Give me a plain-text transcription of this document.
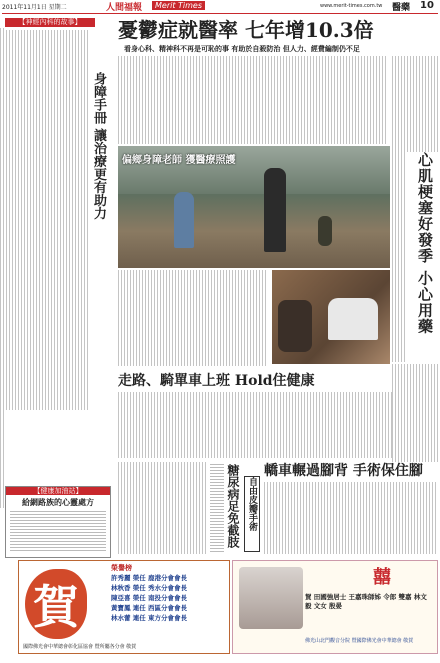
2011年11月1日 星期二	人間福報	Merit Times	www.merit-times.com.tw 醫藥 10
【神經內科的故事】
身障手冊 讓治療更有助力
【健康加油站】
給網路族的心靈處方
憂鬱症就醫率 七年增10.3倍
看身心科、精神科不再是可恥的事 有助於自殺防治 但人力、經費編制仍不足
偏鄉身障老師 獲醫療照護	心肌梗塞好發季 小心用藥
走路、騎單車上班 Hold住健康
轎車輾過腳背 手術保住腳
糖尿病足免截肢 自由皮瓣手術
賀
榮譽榜
許秀麗 榮任 鹿港分會會長
林秋香 榮任 秀水分會會長
陳亞喜 榮任 南投分會會長
黃寶鳳 連任 西區分會會長
林水蕾 連任 東方分會會長
國際佛光會中華總會彰化區協會 暨所屬各分會 敬賀
囍
賀 田國強居士 王嘉珠師姊 令郎 雙嘉 林文毅 文女 殷晏
佛光山北門觀音分院 暨國際佛光會中華總會 敬賀
